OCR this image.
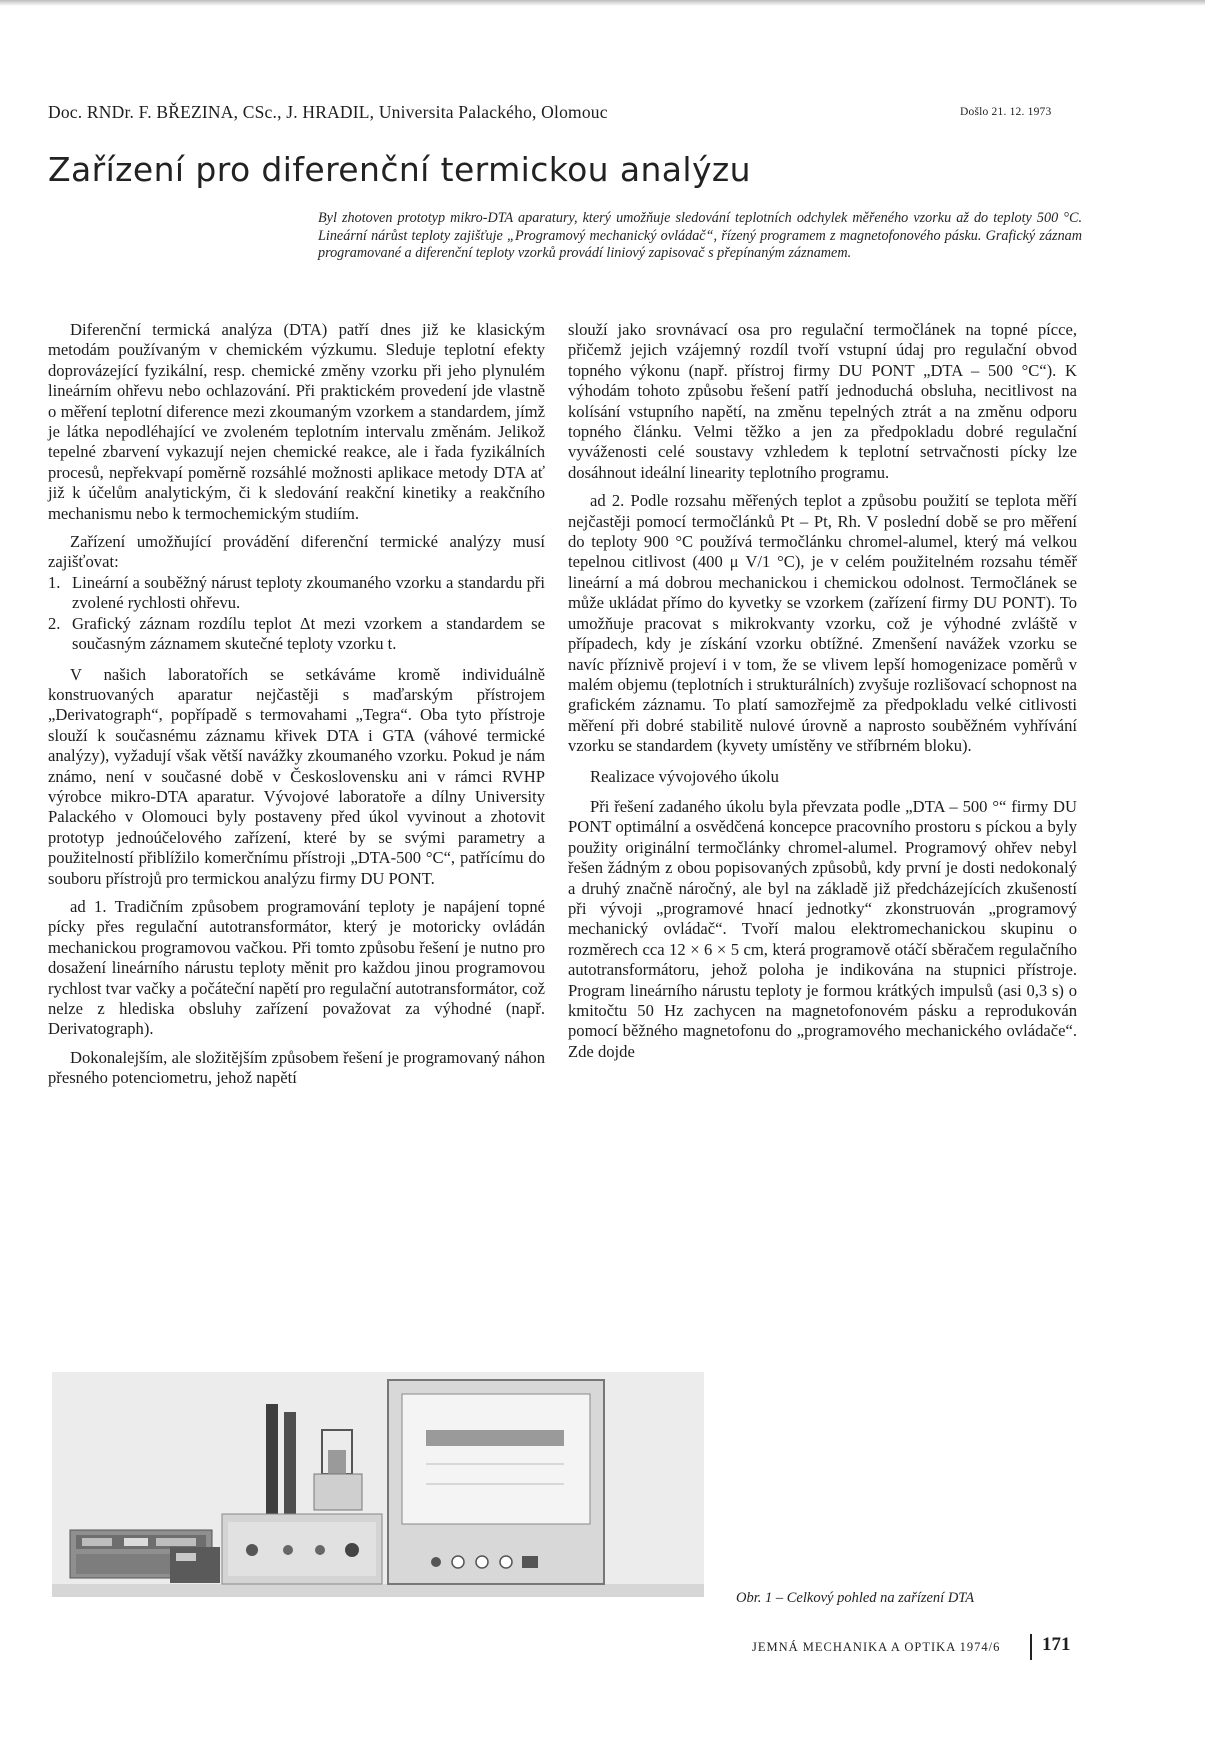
Doc. RNDr. F. BŘEZINA, CSc., J. HRADIL, Universita Palackého, Olomouc	Došlo 21. 12. 1973
Zařízení pro diferenční termickou analýzu

Byl zhotoven prototyp mikro-DTA aparatury, který umožňuje sledování teplotních odchylek měřeného vzorku až do teploty 500 °C. Lineární nárůst teploty zajišťuje „Programový mechanický ovládač“, řízený programem z magnetofonového pásku. Grafický záznam programované a diferenční teploty vzorků provádí liniový zapisovač s přepínaným záznamem.

Diferenční termická analýza (DTA) patří dnes již ke klasickým metodám používaným v chemickém výzkumu. Sleduje teplotní efekty doprovázející fyzikální, resp. chemické změny vzorku při jeho plynulém lineárním ohřevu nebo ochlazování. Při praktickém provedení jde vlastně o měření teplotní diference mezi zkoumaným vzorkem a standardem, jímž je látka nepodléhající ve zvoleném teplotním intervalu změnám. Jelikož tepelné zbarvení vykazují nejen chemické reakce, ale i řada fyzikálních procesů, nepřekvapí poměrně rozsáhlé možnosti aplikace metody DTA ať již k účelům analytickým, či k sledování reakční kinetiky a reakčního mechanismu nebo k termochemickým studiím.

Zařízení umožňující provádění diferenční termické analýzy musí zajišťovat:

1. Lineární a souběžný nárust teploty zkoumaného vzorku a standardu při zvolené rychlosti ohřevu.
2. Grafický záznam rozdílu teplot Δt mezi vzorkem a standardem se současným záznamem skutečné teploty vzorku t.

V našich laboratořích se setkáváme kromě individuálně konstruovaných aparatur nejčastěji s maďarským přístrojem „Derivatograph“, popřípadě s termovahami „Tegra“. Oba tyto přístroje slouží k současnému záznamu křivek DTA i GTA (váhové termické analýzy), vyžadují však větší navážky zkoumaného vzorku. Pokud je nám známo, není v současné době v Československu ani v rámci RVHP výrobce mikro-DTA aparatur. Vývojové laboratoře a dílny University Palackého v Olomouci byly postaveny před úkol vyvinout a zhotovit prototyp jednoúčelového zařízení, které by se svými parametry a použitelností přiblížilo komerčnímu přístroji „DTA-500 °C“, patřícímu do souboru přístrojů pro termickou analýzu firmy DU PONT.

ad 1. Tradičním způsobem programování teploty je napájení topné pícky přes regulační autotransformátor, který je motoricky ovládán mechanickou programovou vačkou. Při tomto způsobu řešení je nutno pro dosažení lineárního nárustu teploty měnit pro každou jinou programovou rychlost tvar vačky a počáteční napětí pro regulační autotransformátor, což nelze z hlediska obsluhy zařízení považovat za výhodné (např. Derivatograph).

Dokonalejším, ale složitějším způsobem řešení je programovaný náhon přesného potenciometru, jehož napětí

slouží jako srovnávací osa pro regulační termočlánek na topné pícce, přičemž jejich vzájemný rozdíl tvoří vstupní údaj pro regulační obvod topného výkonu (např. přístroj firmy DU PONT „DTA – 500 °C“). K výhodám tohoto způsobu řešení patří jednoduchá obsluha, necitlivost na kolísání vstupního napětí, na změnu tepelných ztrát a na změnu odporu topného článku. Velmi těžko a jen za předpokladu dobré regulační vyváženosti celé soustavy vzhledem k teplotní setrvačnosti pícky lze dosáhnout ideální linearity teplotního programu.

ad 2. Podle rozsahu měřených teplot a způsobu použití se teplota měří nejčastěji pomocí termočlánků Pt – Pt, Rh. V poslední době se pro měření do teploty 900 °C používá termočlánku chromel-alumel, který má velkou tepelnou citlivost (400 μ V/1 °C), je v celém použitelném rozsahu téměř lineární a má dobrou mechanickou i chemickou odolnost. Termočlánek se může ukládat přímo do kyvetky se vzorkem (zařízení firmy DU PONT). To umožňuje pracovat s mikrokvanty vzorku, což je výhodné zvláště v případech, kdy je získání vzorku obtížné. Zmenšení navážek vzorku se navíc příznivě projeví i v tom, že se vlivem lepší homogenizace poměrů v malém objemu (teplotních i strukturálních) zvyšuje rozlišovací schopnost na grafickém záznamu. To platí samozřejmě za předpokladu velké citlivosti měření při dobré stabilitě nulové úrovně a naprosto souběžném vyhřívání vzorku se standardem (kyvety umístěny ve stříbrném bloku).

Realizace vývojového úkolu

Při řešení zadaného úkolu byla převzata podle „DTA – 500 °“ firmy DU PONT optimální a osvědčená koncepce pracovního prostoru s píckou a byly použity originální termočlánky chromel-alumel. Programový ohřev nebyl řešen žádným z obou popisovaných způsobů, kdy první je dosti nedokonalý a druhý značně náročný, ale byl na základě již předcházejících zkušeností při vývoji „programové hnací jednotky“ zkonstruován „programový mechanický ovládač“. Tvoří malou elektromechanickou skupinu o rozměrech cca 12 × 6 × 5 cm, která programově otáčí sběračem regulačního autotransformátoru, jehož poloha je indikována na stupnici přístroje. Program lineárního nárustu teploty je formou krátkých impulsů (asi 0,3 s) o kmitočtu 50 Hz zachycen na magnetofonovém pásku a reprodukován pomocí běžného magnetofonu do „programového mechanického ovládače“. Zde dojde

Obr. 1 – Celkový pohled na zařízení DTA
JEMNÁ MECHANIKA A OPTIKA 1974/6 171
